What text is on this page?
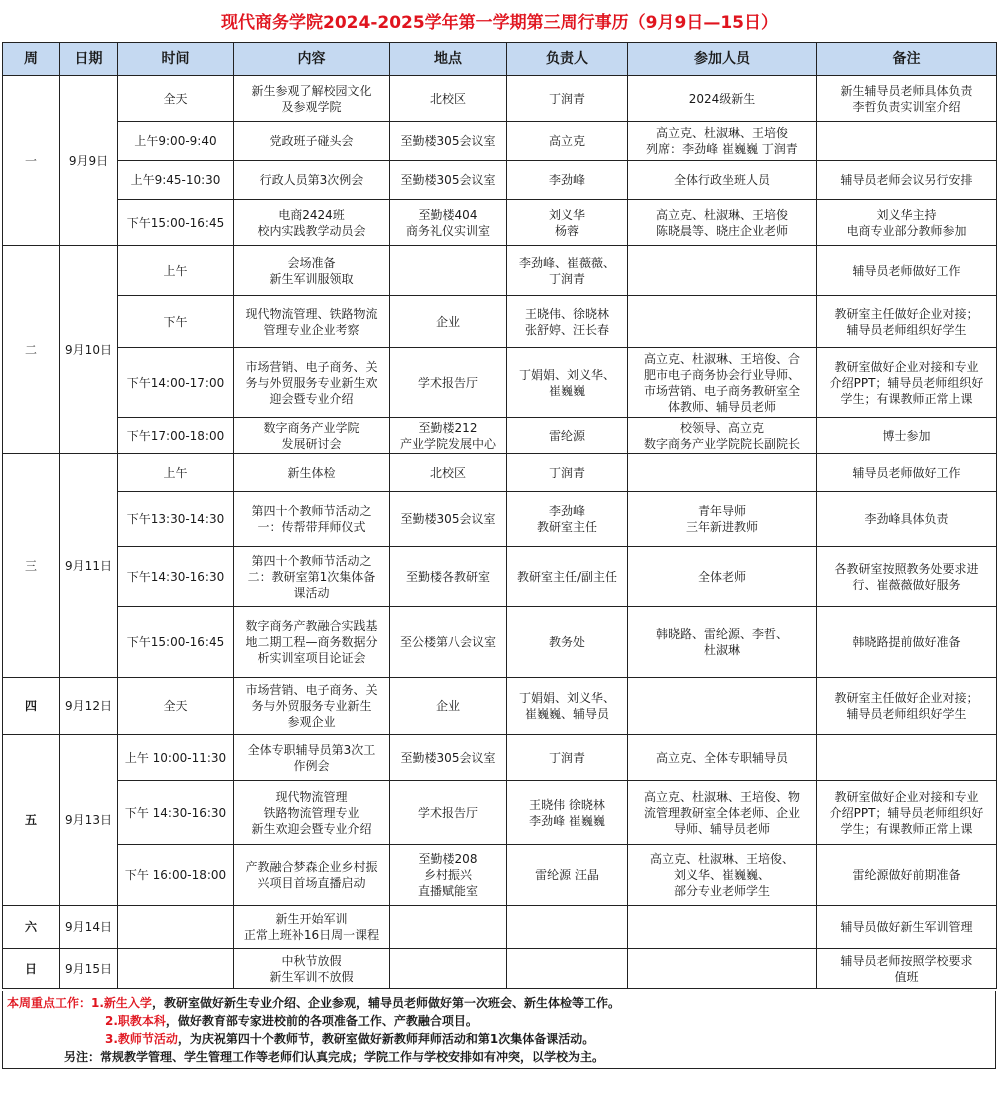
现代商务学院2024-2025学年第一学期第三周行事历（9月9日—15日）
周	日期	时间	内容	地点	负责人	参加人员	备注
一	9月9日	全天	新生参观了解校园文化
及参观学院	北校区	丁润青	2024级新生	新生辅导员老师具体负责
李哲负责实训室介绍
		上午9:00-9:40	党政班子碰头会	至勤楼305会议室	高立克	高立克、杜淑琳、王培俊
列席：李劲峰 崔巍巍 丁润青	
		上午9:45-10:30	行政人员第3次例会	至勤楼305会议室	李劲峰	全体行政坐班人员	辅导员老师会议另行安排
		下午15:00-16:45	电商2424班
校内实践教学动员会	至勤楼404
商务礼仪实训室	刘义华
杨蓉	高立克、杜淑琳、王培俊
陈晓晨等、晓庄企业老师	刘义华主持
电商专业部分教师参加
二	9月10日	上午	会场准备
新生军训服领取		李劲峰、崔薇薇、
丁润青		辅导员老师做好工作
		下午	现代物流管理、铁路物流
管理专业企业考察	企业	王晓伟、徐晓林
张舒婷、汪长春		教研室主任做好企业对接；
辅导员老师组织好学生
		下午14:00-17:00	市场营销、电子商务、关
务与外贸服务专业新生欢
迎会暨专业介绍	学术报告厅	丁娟娟、刘义华、
崔巍巍	高立克、杜淑琳、王培俊、合
肥市电子商务协会行业导师、
市场营销、电子商务教研室全
体教师、辅导员老师	教研室做好企业对接和专业
介绍PPT；辅导员老师组织好
学生；有课教师正常上课
		下午17:00-18:00	数字商务产业学院
发展研讨会	至勤楼212
产业学院发展中心	雷纶源	校领导、高立克
数字商务产业学院院长副院长	博士参加
三	9月11日	上午	新生体检	北校区	丁润青		辅导员老师做好工作
		下午13:30-14:30	第四十个教师节活动之
一：传帮带拜师仪式	至勤楼305会议室	李劲峰
教研室主任	青年导师
三年新进教师	李劲峰具体负责
		下午14:30-16:30	第四十个教师节活动之
二：教研室第1次集体备
课活动	至勤楼各教研室	教研室主任/副主任	全体老师	各教研室按照教务处要求进
行、崔薇薇做好服务
		下午15:00-16:45	数字商务产教融合实践基
地二期工程—商务数据分
析实训室项目论证会	至公楼第八会议室	教务处	韩晓路、雷纶源、李哲、
杜淑琳	韩晓路提前做好准备
四	9月12日	全天	市场营销、电子商务、关
务与外贸服务专业新生
参观企业	企业	丁娟娟、刘义华、
崔巍巍、辅导员		教研室主任做好企业对接；
辅导员老师组织好学生
五	9月13日	上午 10:00-11:30	全体专职辅导员第3次工
作例会	至勤楼305会议室	丁润青	高立克、全体专职辅导员	
		下午 14:30-16:30	现代物流管理
铁路物流管理专业
新生欢迎会暨专业介绍	学术报告厅	王晓伟 徐晓林
李劲峰 崔巍巍	高立克、杜淑琳、王培俊、物
流管理教研室全体老师、企业
导师、辅导员老师	教研室做好企业对接和专业
介绍PPT；辅导员老师组织好
学生；有课教师正常上课
		下午 16:00-18:00	产教融合梦森企业乡村振
兴项目首场直播启动	至勤楼208
乡村振兴
直播赋能室	雷纶源 汪晶	高立克、杜淑琳、王培俊、
刘义华、崔巍巍、
部分专业老师学生	雷纶源做好前期准备
六	9月14日		新生开始军训
正常上班补16日周一课程				辅导员做好新生军训管理
日	9月15日		中秋节放假
新生军训不放假				辅导员老师按照学校要求
值班
本周重点工作：1.新生入学，教研室做好新生专业介绍、企业参观，辅导员老师做好第一次班会、新生体检等工作。
2.职教本科，做好教育部专家进校前的各项准备工作、产教融合项目。
3.教师节活动，为庆祝第四十个教师节，教研室做好新教师拜师活动和第1次集体备课活动。
另注：常规教学管理、学生管理工作等老师们认真完成；学院工作与学校安排如有冲突，以学校为主。
